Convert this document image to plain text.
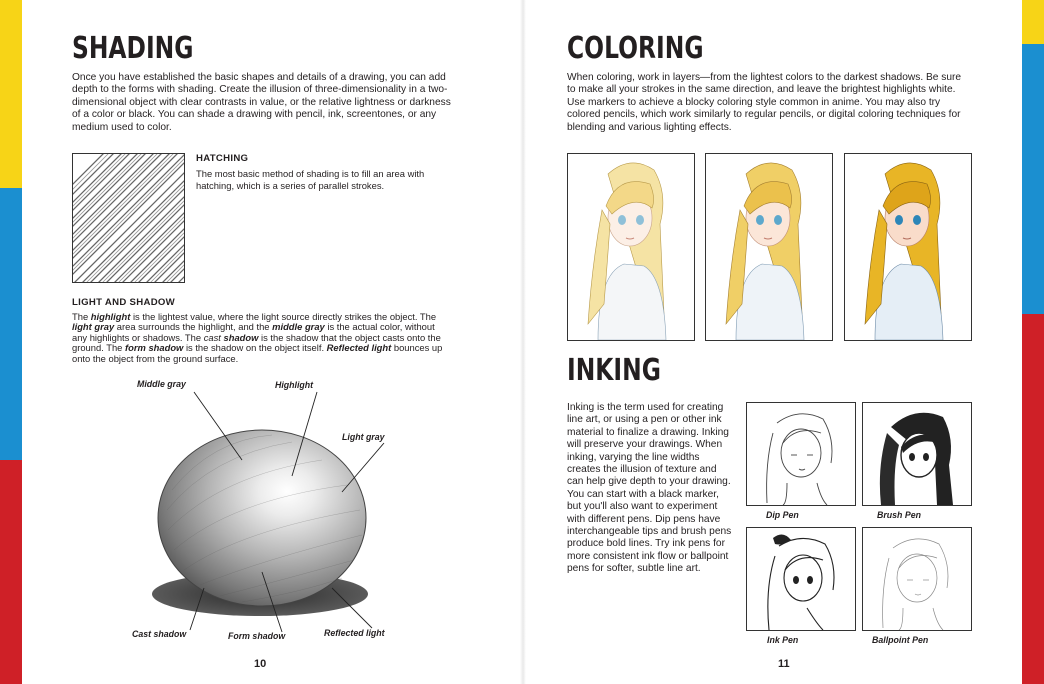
SHADING

Once you have established the basic shapes and details of a drawing, you can add depth to the forms with shading. Create the illusion of three-dimensionality in a two-dimensional object with clear contrasts in value, or the relative lightness or darkness of a color or black. You can shade a drawing with pencil, ink, screentones, or any medium used to color.

HATCHING

The most basic method of shading is to fill an area with hatching, which is a series of parallel strokes.

LIGHT AND SHADOW

The highlight is the lightest value, where the light source directly strikes the object. The light gray area surrounds the highlight, and the middle gray is the actual color, without any highlights or shadows. The cast shadow is the shadow that the object casts onto the ground. The form shadow is the shadow on the object itself. Reflected light bounces up onto the object from the ground surface.

Middle gray	Highlight
Light gray
Cast shadow	Form shadow	Reflected light
10
COLORING

When coloring, work in layers—from the lightest colors to the darkest shadows. Be sure to make all your strokes in the same direction, and leave the brightest highlights white. Use markers to achieve a blocky coloring style common in anime. You may also try colored pencils, which work similarly to regular pencils, or digital coloring techniques for blending and various lighting effects.

INKING

Inking is the term used for creating line art, or using a pen or other ink material to finalize a drawing. Inking will preserve your drawings. When inking, varying the line widths creates the illusion of texture and can help give depth to your drawing. You can start with a black marker, but you'll also want to experiment with different pens. Dip pens have interchangeable tips and brush pens produce bold lines. Try ink pens for more consistent ink flow or ballpoint pens for softer, subtle line art.

Dip Pen	Brush Pen
Ink Pen	Ballpoint Pen
11
